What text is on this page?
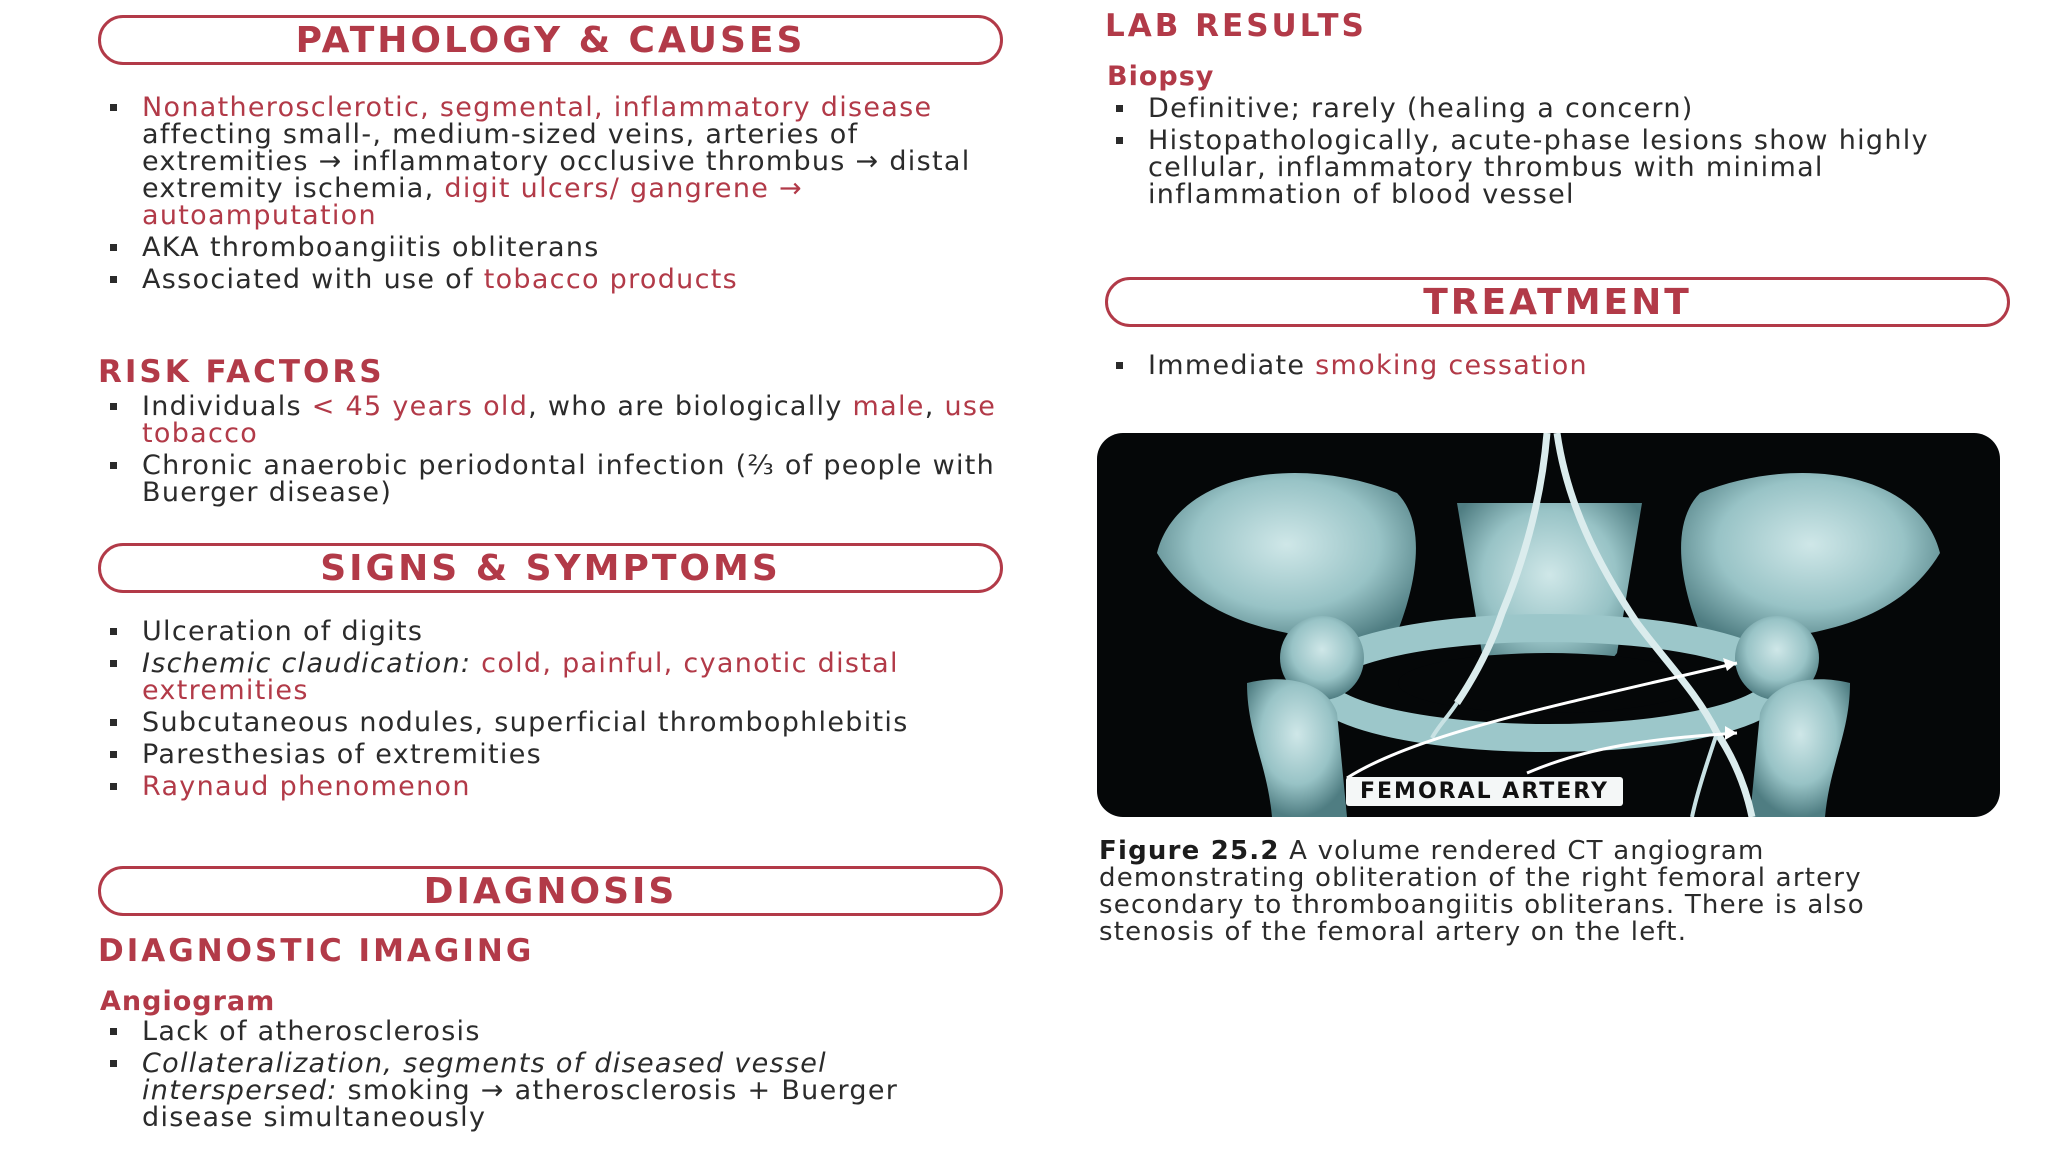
PATHOLOGY & CAUSES
Nonatherosclerotic, segmental, inflammatory disease affecting small-, medium-sized veins, arteries of extremities → inflammatory occlusive thrombus → distal extremity ischemia, digit ulcers/ gangrene → autoamputation
AKA thromboangiitis obliterans
Associated with use of tobacco products
RISK FACTORS
Individuals < 45 years old, who are biologically male, use tobacco
Chronic anaerobic periodontal infection (⅔ of people with Buerger disease)
SIGNS & SYMPTOMS
Ulceration of digits
Ischemic claudication: cold, painful, cyanotic distal extremities
Subcutaneous nodules, superficial thrombophlebitis
Paresthesias of extremities
Raynaud phenomenon
DIAGNOSIS
DIAGNOSTIC IMAGING
Angiogram
Lack of atherosclerosis
Collateralization, segments of diseased vessel interspersed: smoking → atherosclerosis + Buerger disease simultaneously
LAB RESULTS
Biopsy
Definitive; rarely (healing a concern)
Histopathologically, acute-phase lesions show highly cellular, inflammatory thrombus with minimal inflammation of blood vessel
TREATMENT
Immediate smoking cessation
FEMORAL ARTERY
Figure 25.2 A volume rendered CT angiogram demonstrating obliteration of the right femoral artery secondary to thromboangiitis obliterans. There is also stenosis of the femoral artery on the left.
